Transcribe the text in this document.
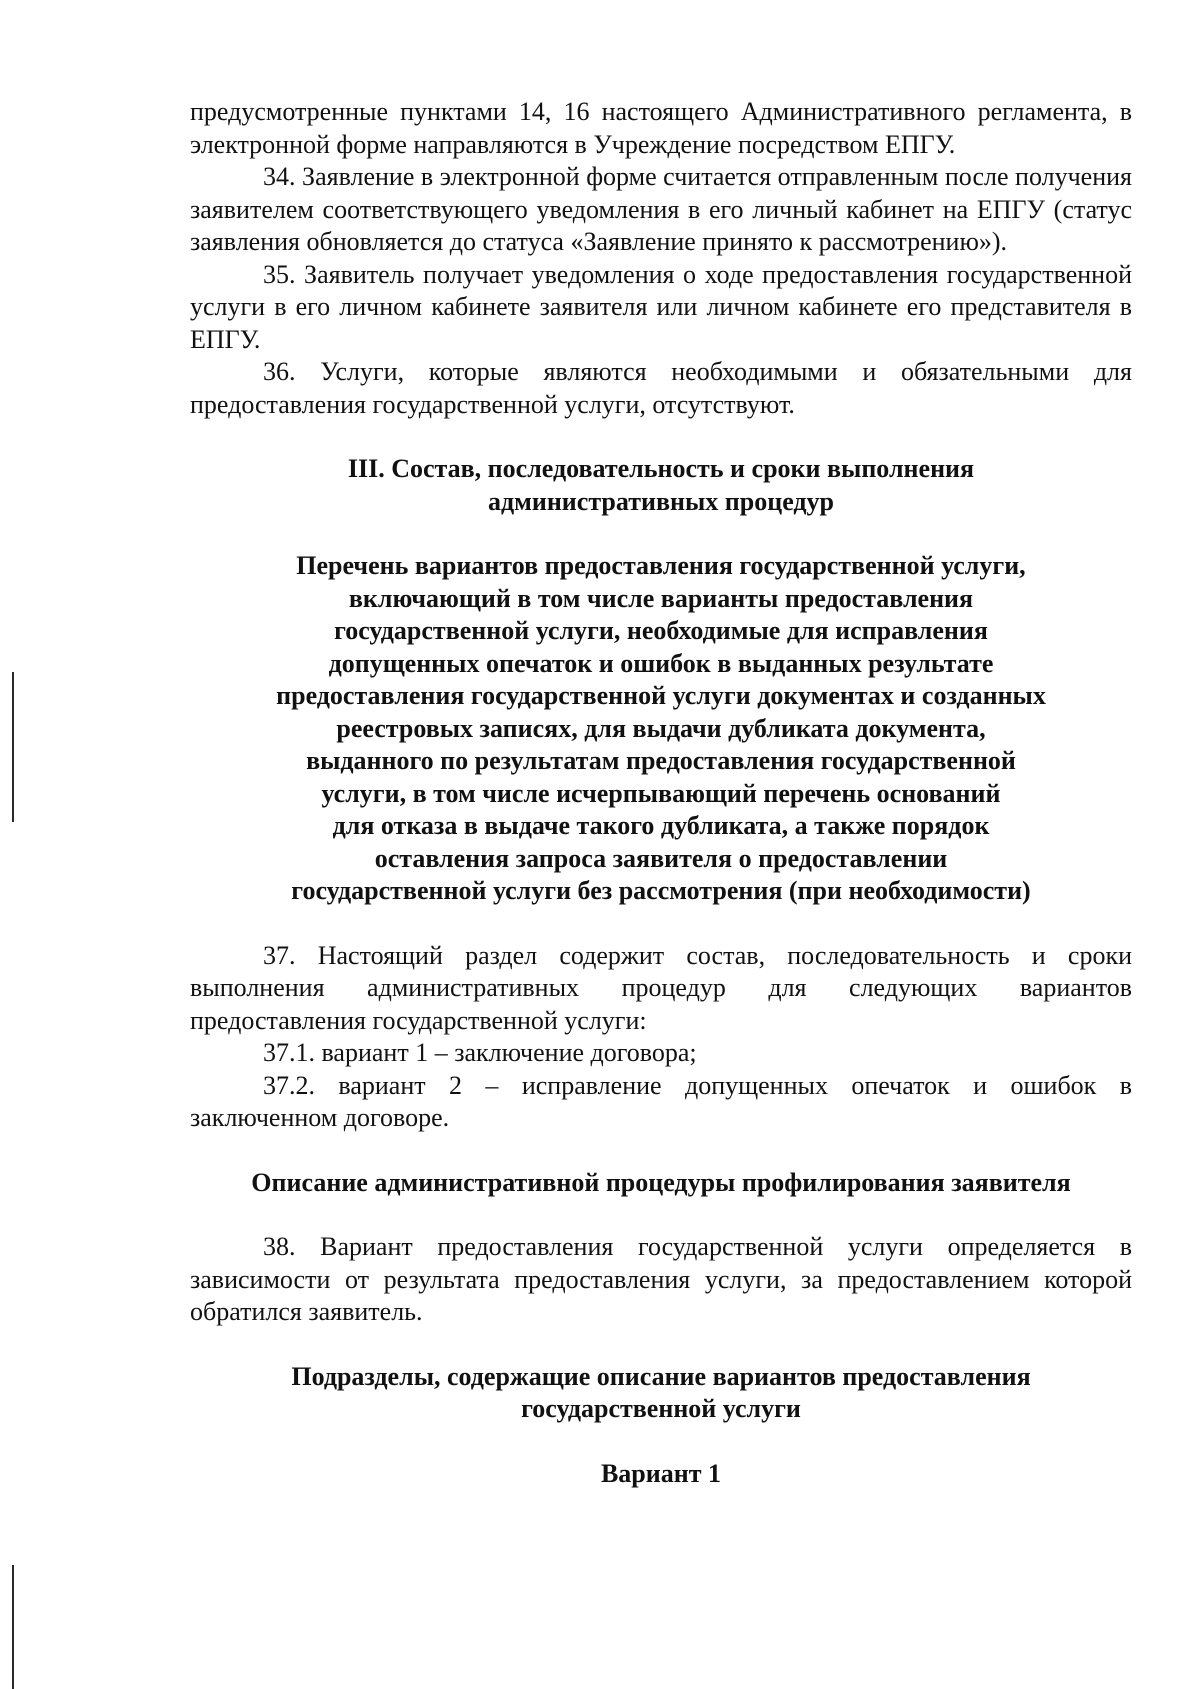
предусмотренные пунктами 14, 16 настоящего Административного регламента, в электронной форме направляются в Учреждение посредством ЕПГУ.

34. Заявление в электронной форме считается отправленным после получения заявителем соответствующего уведомления в его личный кабинет на ЕПГУ (статус заявления обновляется до статуса «Заявление принято к рассмотрению»).

35. Заявитель получает уведомления о ходе предоставления государственной услуги в его личном кабинете заявителя или личном кабинете его представителя в ЕПГУ.

36. Услуги, которые являются необходимыми и обязательными для предоставления государственной услуги, отсутствуют.

III. Состав, последовательность и сроки выполнения
административных процедур
Перечень вариантов предоставления государственной услуги,
включающий в том числе варианты предоставления
государственной услуги, необходимые для исправления
допущенных опечаток и ошибок в выданных результате
предоставления государственной услуги документах и созданных
реестровых записях, для выдачи дубликата документа,
выданного по результатам предоставления государственной
услуги, в том числе исчерпывающий перечень оснований
для отказа в выдаче такого дубликата, а также порядок
оставления запроса заявителя о предоставлении
государственной услуги без рассмотрения (при необходимости)

37. Настоящий раздел содержит состав, последовательность и сроки выполнения административных процедур для следующих вариантов предоставления государственной услуги:

37.1. вариант 1 – заключение договора;

37.2. вариант 2 – исправление допущенных опечаток и ошибок в заключенном договоре.

Описание административной процедуры профилирования заявителя

38. Вариант предоставления государственной услуги определяется в зависимости от результата предоставления услуги, за предоставлением которой обратился заявитель.

Подразделы, содержащие описание вариантов предоставления
государственной услуги
Вариант 1
